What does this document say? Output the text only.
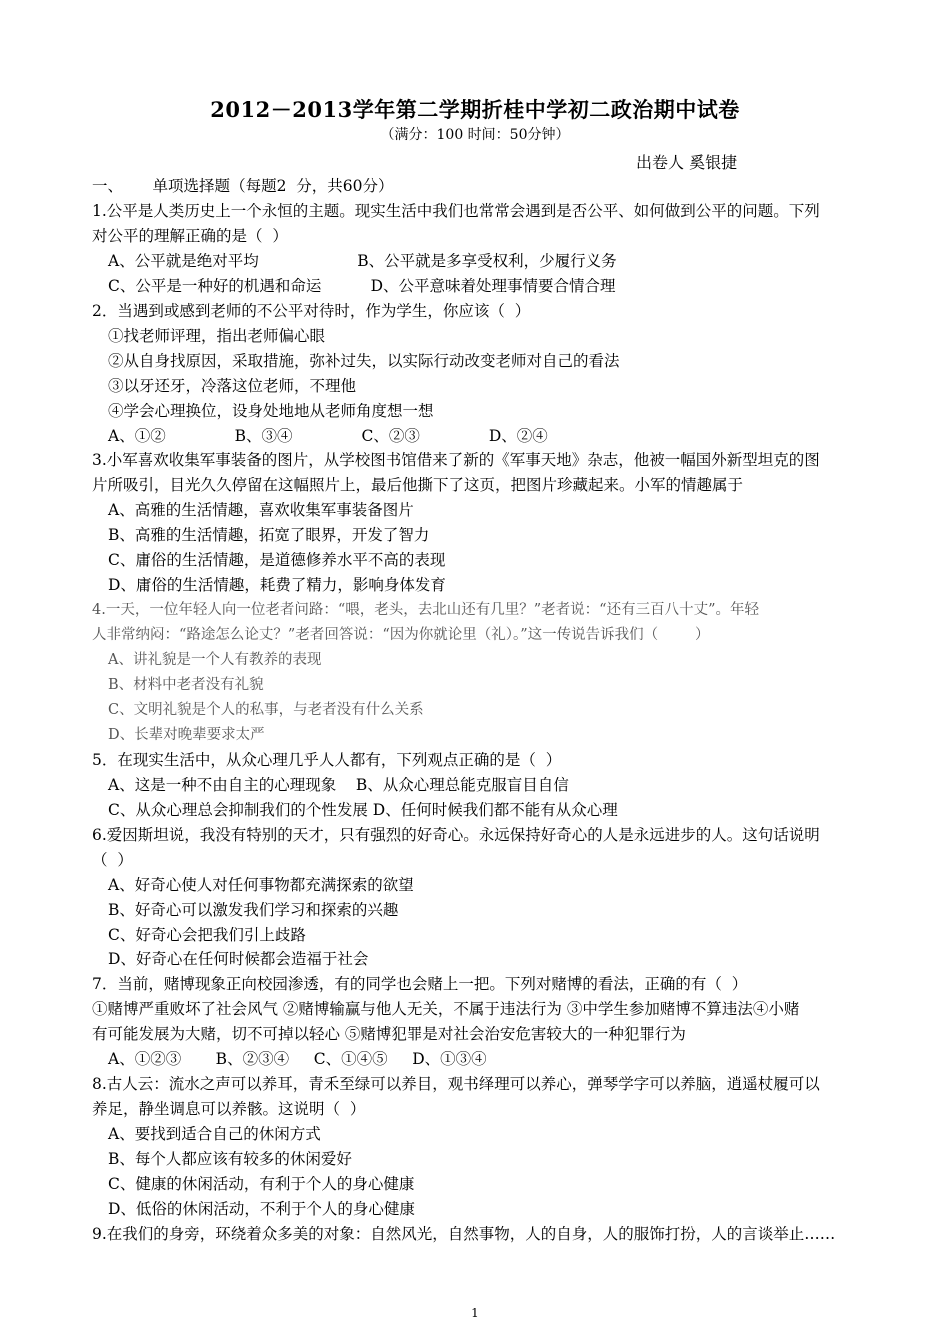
2012－2013学年第二学期折桂中学初二政治期中试卷
（满分：100 时间：50分钟）
出卷人 奚银捷
一、      单项选择题（每题2  分，共60分）
1.公平是人类历史上一个永恒的主题。现实生活中我们也常常会遇到是否公平、如何做到公平的问题。下列
对公平的理解正确的是（  ）
A、公平就是绝对平均                    B、公平就是多享受权利，少履行义务
C、公平是一种好的机遇和命运          D、公平意味着处理事情要合情合理
2．当遇到或感到老师的不公平对待时，作为学生，你应该（  ）
①找老师评理，指出老师偏心眼
②从自身找原因，采取措施，弥补过失，以实际行动改变老师对自己的看法
③以牙还牙，冷落这位老师，不理他
④学会心理换位，设身处地地从老师角度想一想
A、①②              B、③④              C、②③              D、②④
3.小军喜欢收集军事装备的图片，从学校图书馆借来了新的《军事天地》杂志，他被一幅国外新型坦克的图
片所吸引，目光久久停留在这幅照片上，最后他撕下了这页，把图片珍藏起来。小军的情趣属于
A、高雅的生活情趣，喜欢收集军事装备图片
B、高雅的生活情趣，拓宽了眼界，开发了智力
C、庸俗的生活情趣，是道德修养水平不高的表现
D、庸俗的生活情趣，耗费了精力，影响身体发育
4.一天，一位年轻人向一位老者问路：“喂，老头，去北山还有几里？”老者说：“还有三百八十丈”。年轻
人非常纳闷：“路途怎么论丈？”老者回答说：“因为你就论里（礼）。”这一传说告诉我们（        ）
A、讲礼貌是一个人有教养的表现
B、材料中老者没有礼貌
C、文明礼貌是个人的私事，与老者没有什么关系
D、长辈对晚辈要求太严
5．在现实生活中，从众心理几乎人人都有，下列观点正确的是（  ）
A、这是一种不由自主的心理现象    B、从众心理总能克服盲目自信
C、从众心理总会抑制我们的个性发展 D、任何时候我们都不能有从众心理
6.爱因斯坦说，我没有特别的天才，只有强烈的好奇心。永远保持好奇心的人是永远进步的人。这句话说明
（  ）
A、好奇心使人对任何事物都充满探索的欲望
B、好奇心可以激发我们学习和探索的兴趣
C、好奇心会把我们引上歧路
D、好奇心在任何时候都会造福于社会
7．当前，赌博现象正向校园渗透，有的同学也会赌上一把。下列对赌博的看法，正确的有（  ）
①赌博严重败坏了社会风气 ②赌博输赢与他人无关，不属于违法行为 ③中学生参加赌博不算违法④小赌
有可能发展为大赌，切不可掉以轻心 ⑤赌博犯罪是对社会治安危害较大的一种犯罪行为
A、①②③       B、②③④     C、①④⑤     D、①③④
8.古人云：流水之声可以养耳，青禾至绿可以养目，观书绎理可以养心，弹琴学字可以养脑，逍遥杖履可以
养足，静坐调息可以养骸。这说明（  ）
A、要找到适合自己的休闲方式
B、每个人都应该有较多的休闲爱好
C、健康的休闲活动，有利于个人的身心健康
D、低俗的休闲活动，不利于个人的身心健康
9.在我们的身旁，环绕着众多美的对象：自然风光，自然事物，人的自身，人的服饰打扮，人的言谈举止……
1
